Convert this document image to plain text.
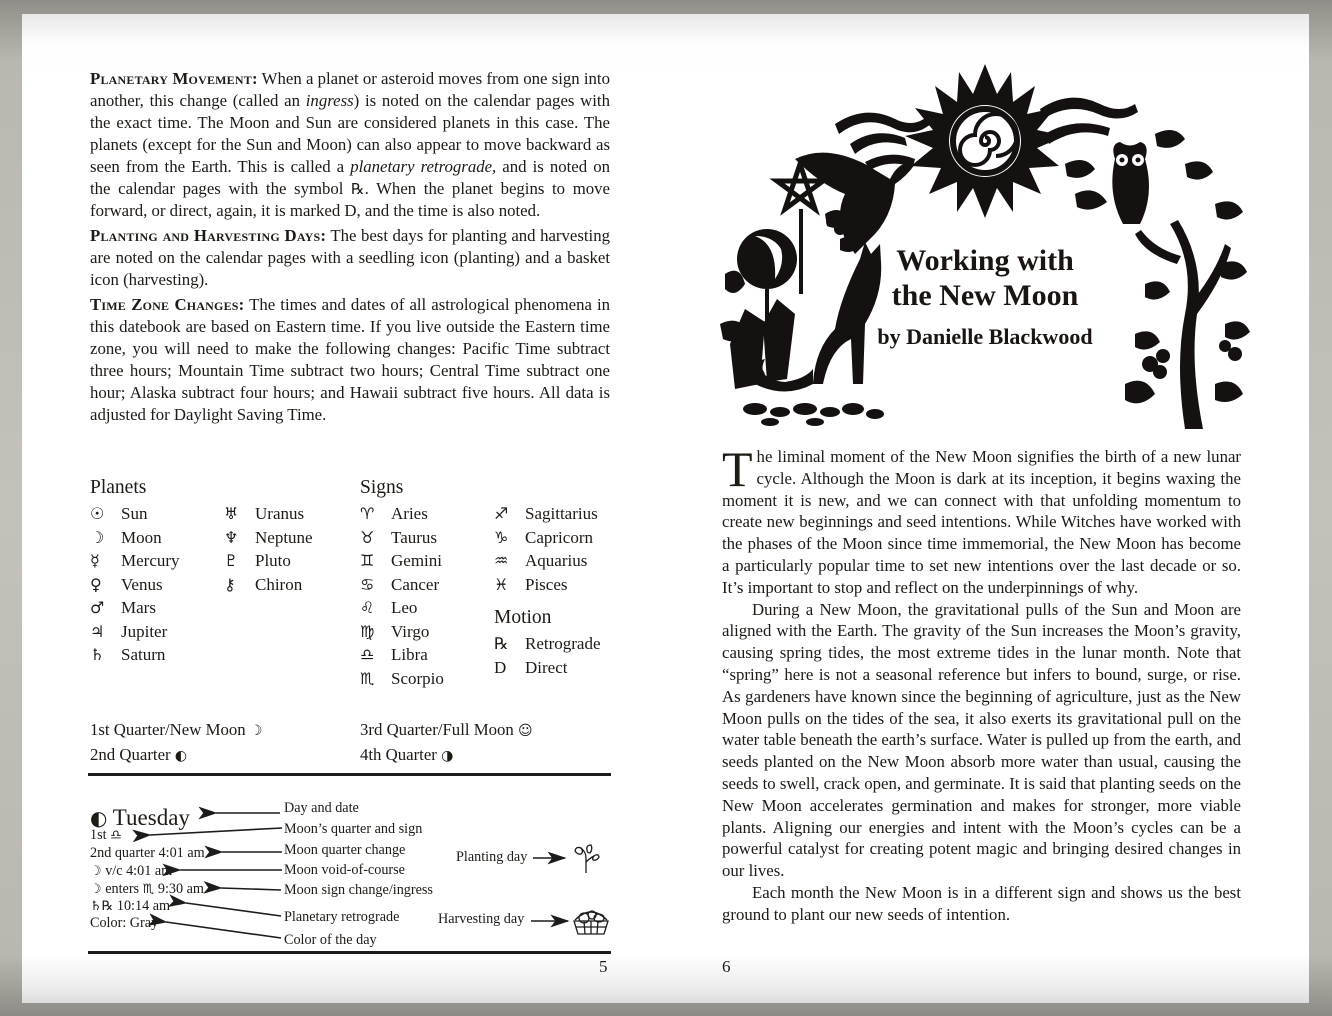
Planetary Movement: When a planet or asteroid moves from one sign into another, this change (called an ingress) is noted on the calendar pages with the exact time. The Moon and Sun are considered planets in this case. The planets (except for the Sun and Moon) can also appear to move backward as seen from the Earth. This is called a planetary retrograde, and is noted on the calendar pages with the symbol ℞. When the planet begins to move forward, or direct, again, it is marked D, and the time is also noted.

Planting and Harvesting Days: The best days for planting and harvesting are noted on the calendar pages with a seedling icon (planting) and a basket icon (harvesting).

Time Zone Changes: The times and dates of all astrological phenomena in this datebook are based on Eastern time. If you live outside the Eastern time zone, you will need to make the following changes: Pacific Time subtract three hours; Mountain Time subtract two hours; Central Time subtract one hour; Alaska subtract four hours; and Hawaii subtract five hours. All data is adjusted for Daylight Saving Time.

Planets
☉ Sun
☽ Moon
☿ Mercury
♀ Venus
♂ Mars
♃ Jupiter
♄ Saturn
♅ Uranus
♆ Neptune
♇ Pluto
⚷ Chiron
Signs
♈ Aries
♉ Taurus
♊ Gemini
♋ Cancer
♌ Leo
♍ Virgo
♎ Libra
♏ Scorpio
♐ Sagittarius
♑ Capricorn
♒ Aquarius
♓ Pisces
Motion
℞ Retrograde
D Direct
1st Quarter/New Moon ☽
2nd Quarter ◐
3rd Quarter/Full Moon ☺
4th Quarter ◑
◐ Tuesday
1st ♎
2nd quarter 4:01 am
☽ v/c 4:01 am
☽ enters ♏ 9:30 am
♄℞ 10:14 am
Color: Gray
Day and date
Moon’s quarter and sign
Moon quarter change
Moon void-of-course
Moon sign change/ingress
Planetary retrograde
Color of the day
Planting day
Harvesting day
5
Working with
the New Moon
by Danielle Blackwood

The liminal moment of the New Moon signifies the birth of a new lunar cycle. Although the Moon is dark at its inception, it begins waxing the moment it is new, and we can connect with that unfolding momentum to create new beginnings and seed intentions. While Witches have worked with the phases of the Moon since time immemorial, the New Moon has become a particularly popular time to set new intentions over the last decade or so. It’s important to stop and reflect on the underpinnings of why.

During a New Moon, the gravitational pulls of the Sun and Moon are aligned with the Earth. The gravity of the Sun increases the Moon’s gravity, causing spring tides, the most extreme tides in the lunar month. Note that “spring” here is not a seasonal reference but infers to bound, surge, or rise. As gardeners have known since the beginning of agriculture, just as the New Moon pulls on the tides of the sea, it also exerts its gravitational pull on the water table beneath the earth’s surface. Water is pulled up from the earth, and seeds planted on the New Moon absorb more water than usual, causing the seeds to swell, crack open, and germinate. It is said that planting seeds on the New Moon accelerates germination and makes for stronger, more viable plants. Aligning our energies and intent with the Moon’s cycles can be a powerful catalyst for creating potent magic and bringing desired changes in our lives.

Each month the New Moon is in a different sign and shows us the best ground to plant our new seeds of intention.

6
